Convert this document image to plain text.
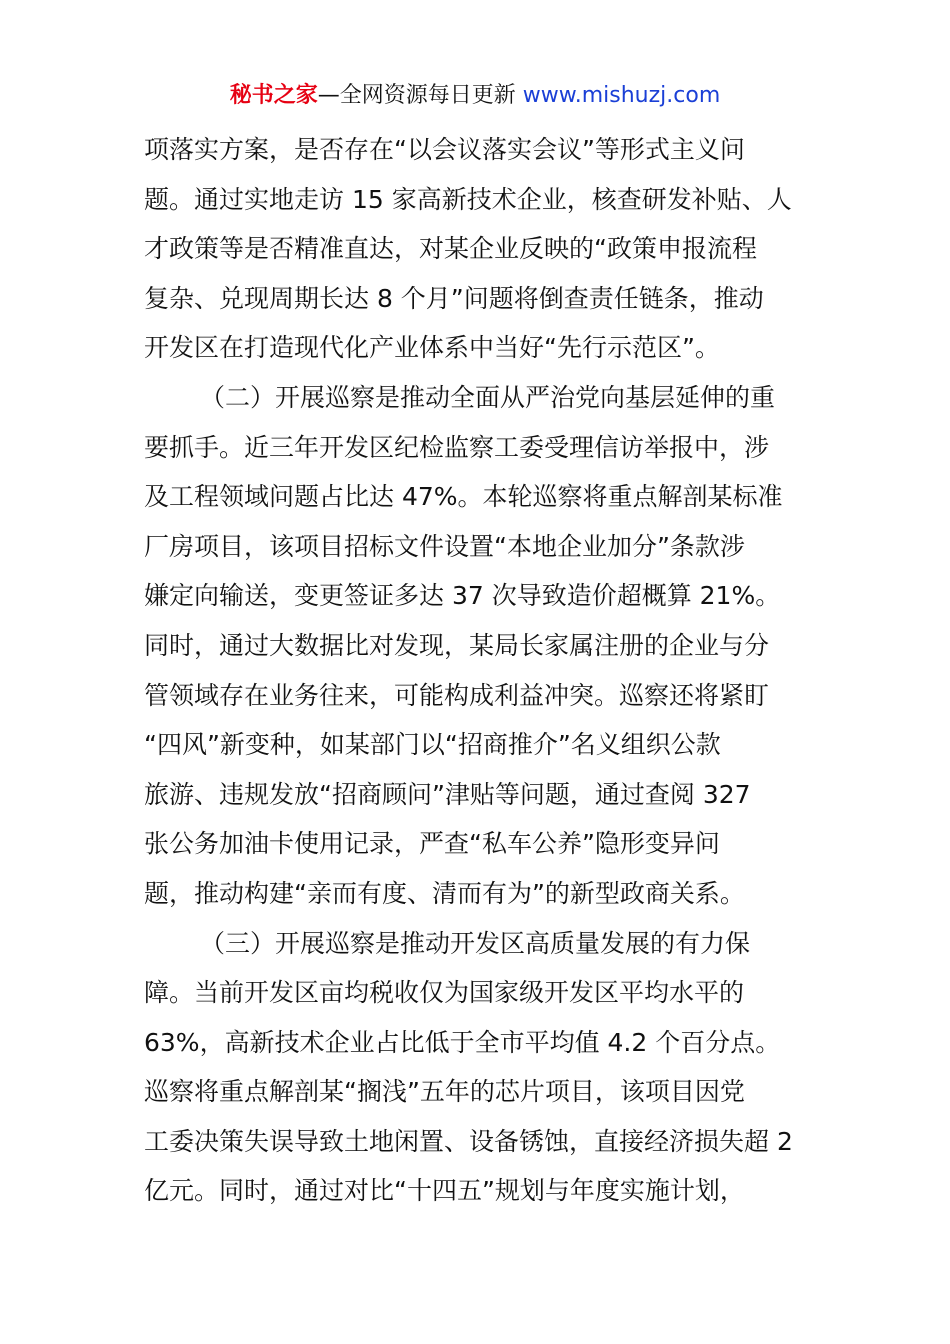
秘书之家—全网资源每日更新 www.mishuzj.com
项落实方案，是否存在“以会议落实会议”等形式主义问
题。通过实地走访 15 家高新技术企业，核查研发补贴、人
才政策等是否精准直达，对某企业反映的“政策申报流程
复杂、兑现周期长达 8 个月”问题将倒查责任链条，推动
开发区在打造现代化产业体系中当好“先行示范区”。
（二）开展巡察是推动全面从严治党向基层延伸的重
要抓手。近三年开发区纪检监察工委受理信访举报中，涉
及工程领域问题占比达 47%。本轮巡察将重点解剖某标准
厂房项目，该项目招标文件设置“本地企业加分”条款涉
嫌定向输送，变更签证多达 37 次导致造价超概算 21%。
同时，通过大数据比对发现，某局长家属注册的企业与分
管领域存在业务往来，可能构成利益冲突。巡察还将紧盯
“四风”新变种，如某部门以“招商推介”名义组织公款
旅游、违规发放“招商顾问”津贴等问题，通过查阅 327
张公务加油卡使用记录，严查“私车公养”隐形变异问
题，推动构建“亲而有度、清而有为”的新型政商关系。
（三）开展巡察是推动开发区高质量发展的有力保
障。当前开发区亩均税收仅为国家级开发区平均水平的
63%，高新技术企业占比低于全市平均值 4.2 个百分点。
巡察将重点解剖某“搁浅”五年的芯片项目，该项目因党
工委决策失误导致土地闲置、设备锈蚀，直接经济损失超 2
亿元。同时，通过对比“十四五”规划与年度实施计划，
